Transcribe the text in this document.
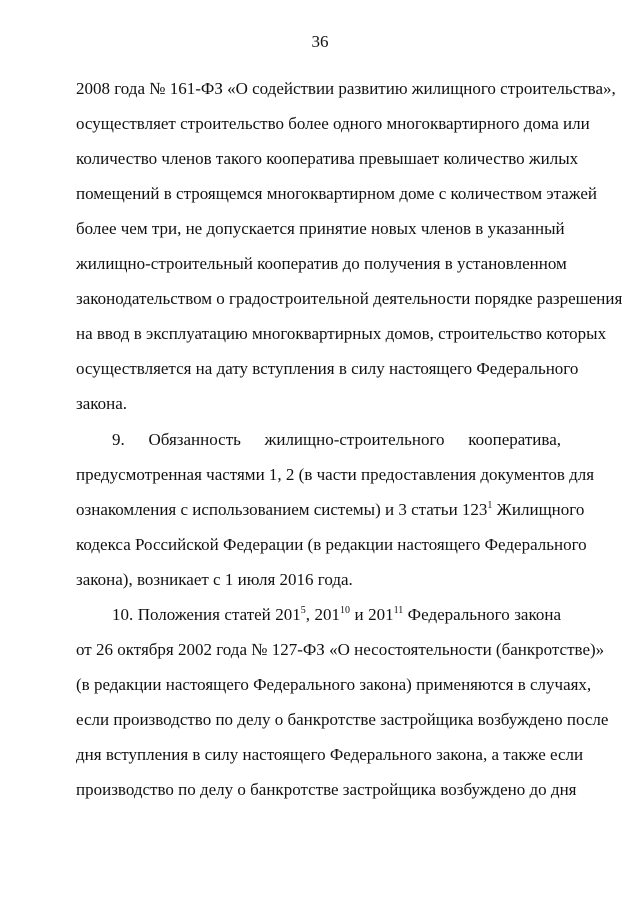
36
2008 года № 161-ФЗ «О содействии развитию жилищного строительства»,
осуществляет строительство более одного многоквартирного дома или
количество членов такого кооператива превышает количество жилых
помещений в строящемся многоквартирном доме с количеством этажей
более чем три, не допускается принятие новых членов в указанный
жилищно-строительный кооператив до получения в установленном
законодательством о градостроительной деятельности порядке разрешения
на ввод в эксплуатацию многоквартирных домов, строительство которых
осуществляется на дату вступления в силу настоящего Федерального
закона.
9. Обязанность жилищно-строительного кооператива,
предусмотренная частями 1, 2 (в части предоставления документов для
ознакомления с использованием системы) и 3 статьи $123^1$ Жилищного
кодекса Российской Федерации (в редакции настоящего Федерального
закона), возникает с 1 июля 2016 года.
10. Положения статей $201^5$, $201^{10}$ и $201^{11}$ Федерального закона
от 26 октября 2002 года № 127-ФЗ «О несостоятельности (банкротстве)»
(в редакции настоящего Федерального закона) применяются в случаях,
если производство по делу о банкротстве застройщика возбуждено после
дня вступления в силу настоящего Федерального закона, а также если
производство по делу о банкротстве застройщика возбуждено до дня
